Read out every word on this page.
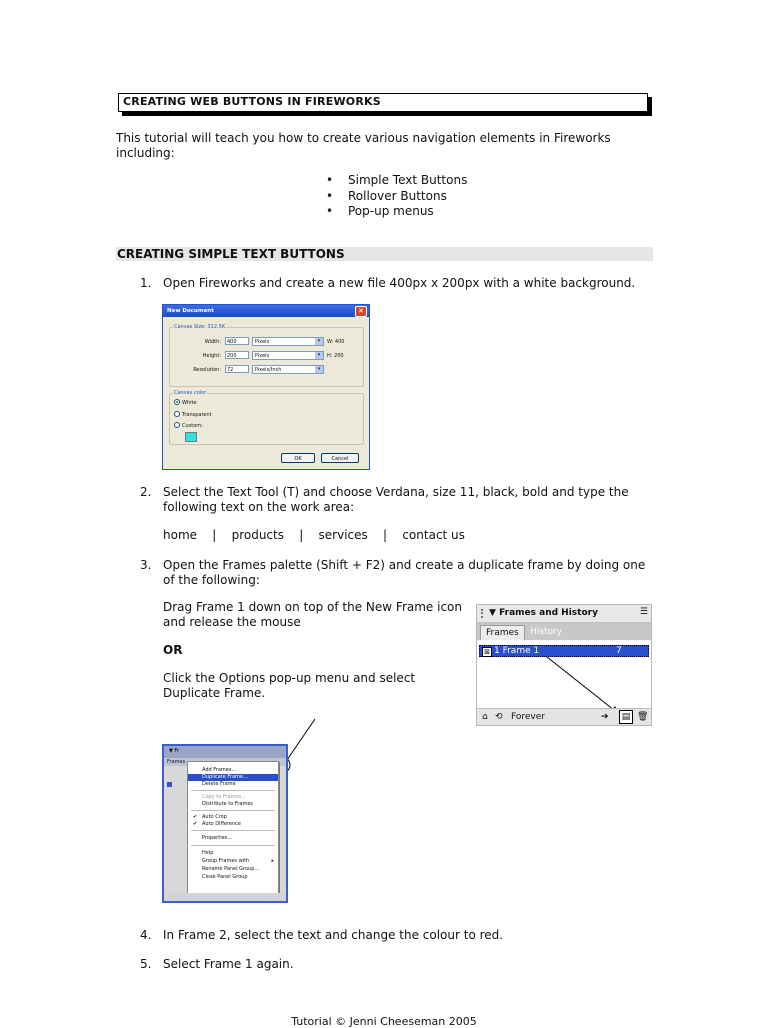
CREATING WEB BUTTONS IN FIREWORKS
This tutorial will teach you how to create various navigation elements in Fireworks including:
• Simple Text Buttons
• Rollover Buttons
• Pop-up menus
CREATING SIMPLE TEXT BUTTONS
1. Open Fireworks and create a new file 400px x 200px with a white background.
New Document	✕
Canvas Size: 312.5K
Width:	400	Pixels	▾	W: 400
Height:	200	Pixels	▾	H: 200
Resolution:	72	Pixels/Inch	▾
Canvas color
White
Transparent
Custom:
OK	Cancel
2. Select the Text Tool (T) and choose Verdana, size 11, black, bold and type the following text on the work area:
home    |    products    |    services    |    contact us
3. Open the Frames palette (Shift + F2) and create a duplicate frame by doing one of the following:
Drag Frame 1 down on top of the New Frame icon and release the mouse
OR
Click the Options pop-up menu and select Duplicate Frame.
▼ Frames and History	☰
Frames	History
⊠ 1 Frame 1	7
⌂ ⟲ Forever	➔	▤ 🗑
▼ Fr
Frames
Add Frames...
Duplicate Frame...
Delete Frame
Copy to Frames...
Distribute to Frames
✔ Auto Crop
✔ Auto Difference
Properties...
Help
Group Frames with	▸
Rename Panel Group...
Close Panel Group
4. In Frame 2, select the text and change the colour to red.
5. Select Frame 1 again.
Tutorial © Jenni Cheeseman 2005
